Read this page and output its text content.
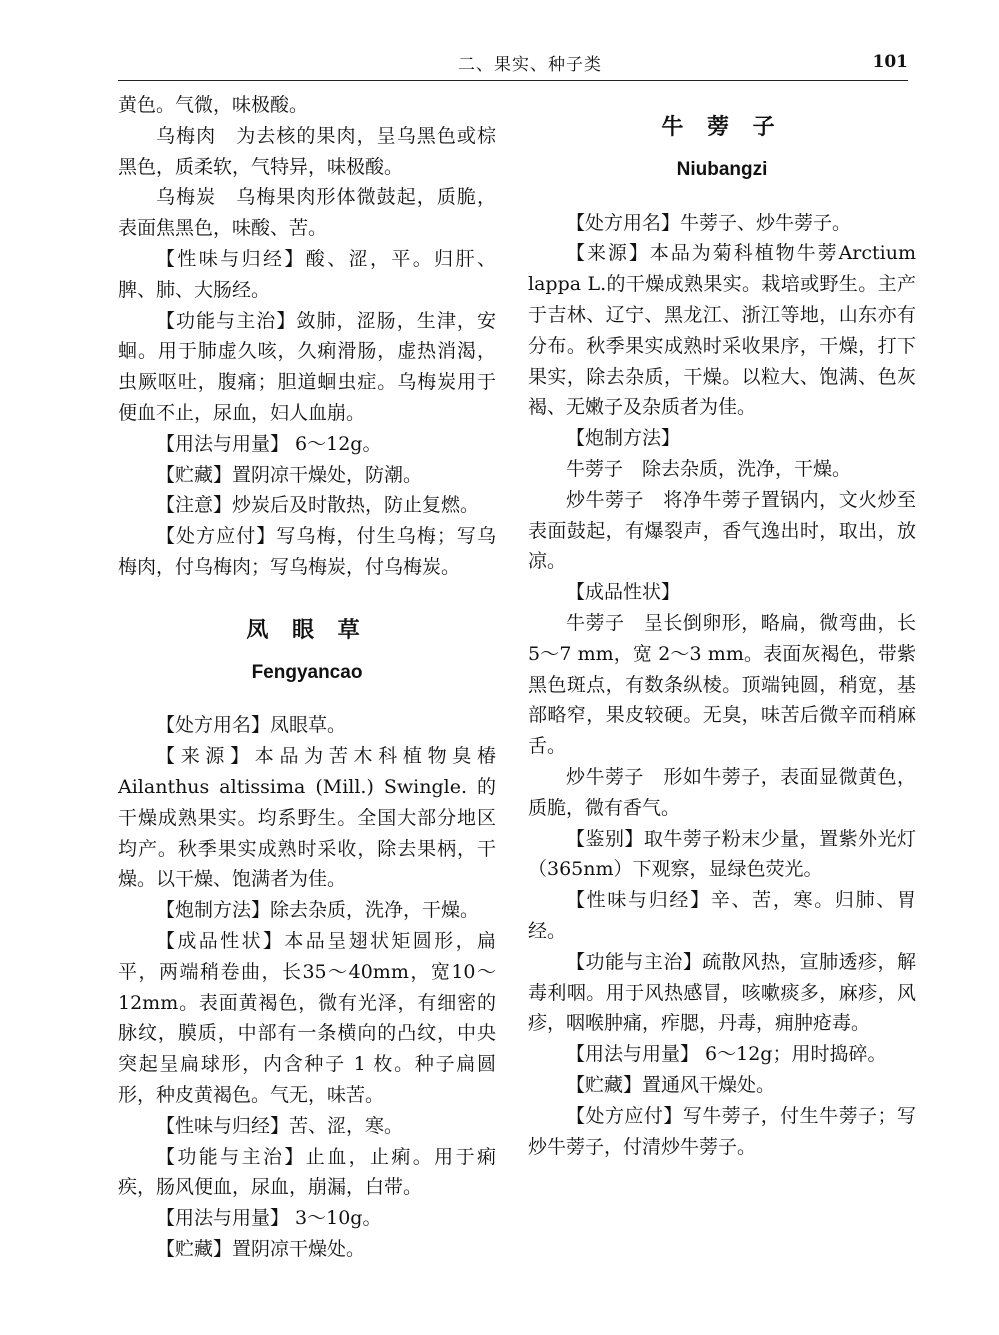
二、果实、种子类	101

黄色。气微，味极酸。

乌梅肉　为去核的果肉，呈乌黑色或棕黑色，质柔软，气特异，味极酸。

乌梅炭　乌梅果肉形体微鼓起，质脆，表面焦黑色，味酸、苦。

【性味与归经】酸、涩，平。归肝、脾、肺、大肠经。

【功能与主治】敛肺，涩肠，生津，安蛔。用于肺虚久咳，久痢滑肠，虚热消渴，虫厥呕吐，腹痛；胆道蛔虫症。乌梅炭用于便血不止，尿血，妇人血崩。

【用法与用量】 6～12g。

【贮藏】置阴凉干燥处，防潮。

【注意】炒炭后及时散热，防止复燃。

【处方应付】写乌梅，付生乌梅；写乌梅肉，付乌梅肉；写乌梅炭，付乌梅炭。

凤 眼 草

Fengyancao

【处方用名】凤眼草。

【来源】本品为苦木科植物臭椿Ailanthus altissima (Mill.) Swingle. 的干燥成熟果实。均系野生。全国大部分地区均产。秋季果实成熟时采收，除去果柄，干燥。以干燥、饱满者为佳。

【炮制方法】除去杂质，洗净，干燥。

【成品性状】本品呈翅状矩圆形，扁平，两端稍卷曲，长35～40mm，宽10～12mm。表面黄褐色，微有光泽，有细密的脉纹，膜质，中部有一条横向的凸纹，中央突起呈扁球形，内含种子 1 枚。种子扁圆形，种皮黄褐色。气无，味苦。

【性味与归经】苦、涩，寒。

【功能与主治】止血，止痢。用于痢疾，肠风便血，尿血，崩漏，白带。

【用法与用量】 3～10g。

【贮藏】置阴凉干燥处。

牛 蒡 子

Niubangzi

【处方用名】牛蒡子、炒牛蒡子。

【来源】本品为菊科植物牛蒡Arctium lappa L.的干燥成熟果实。栽培或野生。主产于吉林、辽宁、黑龙江、浙江等地，山东亦有分布。秋季果实成熟时采收果序，干燥，打下果实，除去杂质，干燥。以粒大、饱满、色灰褐、无嫩子及杂质者为佳。

【炮制方法】

牛蒡子　除去杂质，洗净，干燥。

炒牛蒡子　将净牛蒡子置锅内，文火炒至表面鼓起，有爆裂声，香气逸出时，取出，放凉。

【成品性状】

牛蒡子　呈长倒卵形，略扁，微弯曲，长 5～7 mm，宽 2～3 mm。表面灰褐色，带紫黑色斑点，有数条纵棱。顶端钝圆，稍宽，基部略窄，果皮较硬。无臭，味苦后微辛而稍麻舌。

炒牛蒡子　形如牛蒡子，表面显微黄色，质脆，微有香气。

【鉴别】取牛蒡子粉末少量，置紫外光灯（365nm）下观察，显绿色荧光。

【性味与归经】辛、苦，寒。归肺、胃经。

【功能与主治】疏散风热，宣肺透疹，解毒利咽。用于风热感冒，咳嗽痰多，麻疹，风疹，咽喉肿痛，痄腮，丹毒，痈肿疮毒。

【用法与用量】 6～12g；用时捣碎。

【贮藏】置通风干燥处。

【处方应付】写牛蒡子，付生牛蒡子；写炒牛蒡子，付清炒牛蒡子。
